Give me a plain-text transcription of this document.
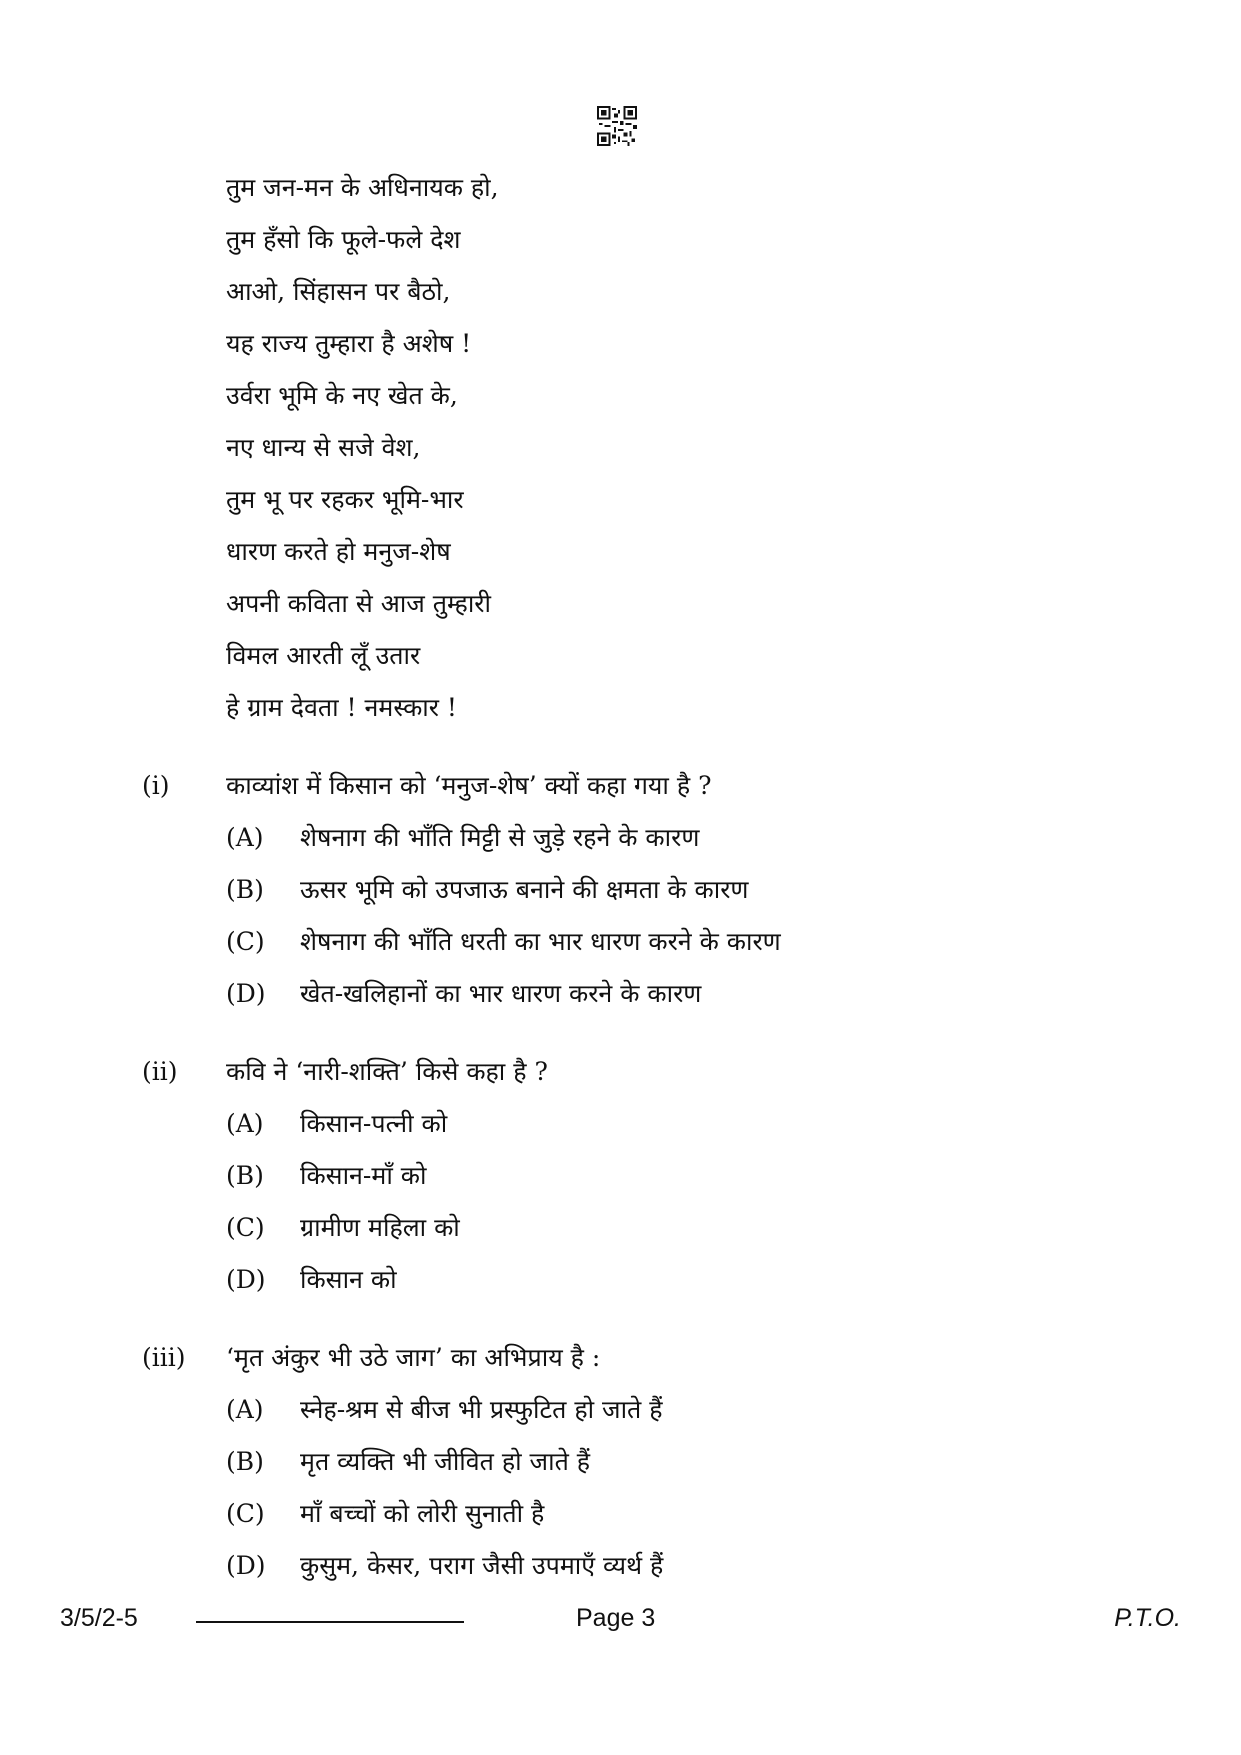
तुम जन-मन के अधिनायक हो,
तुम हँसो कि फूले-फले देश
आओ, सिंहासन पर बैठो,
यह राज्य तुम्हारा है अशेष !
उर्वरा भूमि के नए खेत के,
नए धान्य से सजे वेश,
तुम भू पर रहकर भूमि-भार
धारण करते हो मनुज-शेष
अपनी कविता से आज तुम्हारी
विमल आरती लूँ उतार
हे ग्राम देवता ! नमस्कार !
(i) काव्यांश में किसान को ‘मनुज-शेष’ क्यों कहा गया है ?
(A) शेषनाग की भाँति मिट्टी से जुड़े रहने के कारण
(B) ऊसर भूमि को उपजाऊ बनाने की क्षमता के कारण
(C) शेषनाग की भाँति धरती का भार धारण करने के कारण
(D) खेत-खलिहानों का भार धारण करने के कारण
(ii) कवि ने ‘नारी-शक्ति’ किसे कहा है ?
(A) किसान-पत्नी को
(B) किसान-माँ को
(C) ग्रामीण महिला को
(D) किसान को
(iii) ‘मृत अंकुर भी उठे जाग’ का अभिप्राय है :
(A) स्नेह-श्रम से बीज भी प्रस्फुटित हो जाते हैं
(B) मृत व्यक्ति भी जीवित हो जाते हैं
(C) माँ बच्चों को लोरी सुनाती है
(D) कुसुम, केसर, पराग जैसी उपमाएँ व्यर्थ हैं
3/5/2-5	Page 3	P.T.O.
